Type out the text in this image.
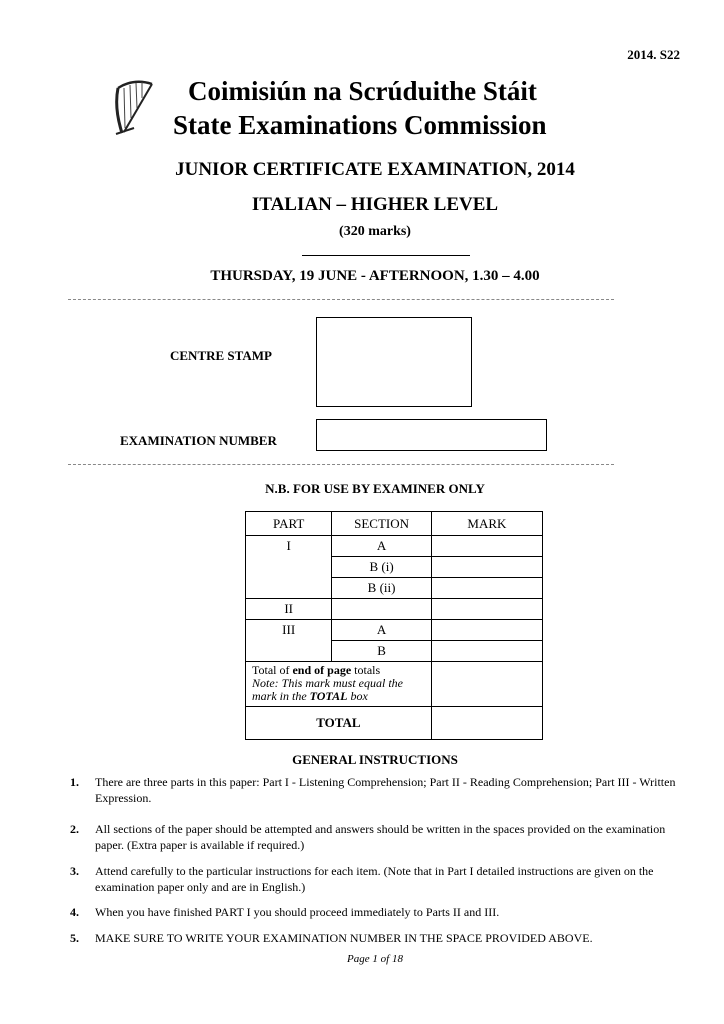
2014. S22
Coimisiún na Scrúduithe Stáit
State Examinations Commission
JUNIOR CERTIFICATE EXAMINATION, 2014
ITALIAN – HIGHER LEVEL
(320 marks)
THURSDAY, 19 JUNE - AFTERNOON, 1.30 – 4.00
CENTRE STAMP
EXAMINATION NUMBER
N.B. FOR USE BY EXAMINER ONLY
PART	SECTION	MARK
I	A	
	B (i)	
	B (ii)	
II		
III	A	
	B	
Total of end of page totals
Note: This mark must equal the mark in the TOTAL box		
TOTAL		
GENERAL INSTRUCTIONS
1. There are three parts in this paper: Part I - Listening Comprehension; Part II - Reading Comprehension; Part III - Written Expression.
2. All sections of the paper should be attempted and answers should be written in the spaces provided on the examination paper. (Extra paper is available if required.)
3. Attend carefully to the particular instructions for each item. (Note that in Part I detailed instructions are given on the examination paper only and are in English.)
4. When you have finished PART I you should proceed immediately to Parts II and III.
5. MAKE SURE TO WRITE YOUR EXAMINATION NUMBER IN THE SPACE PROVIDED ABOVE.
Page 1 of 18
